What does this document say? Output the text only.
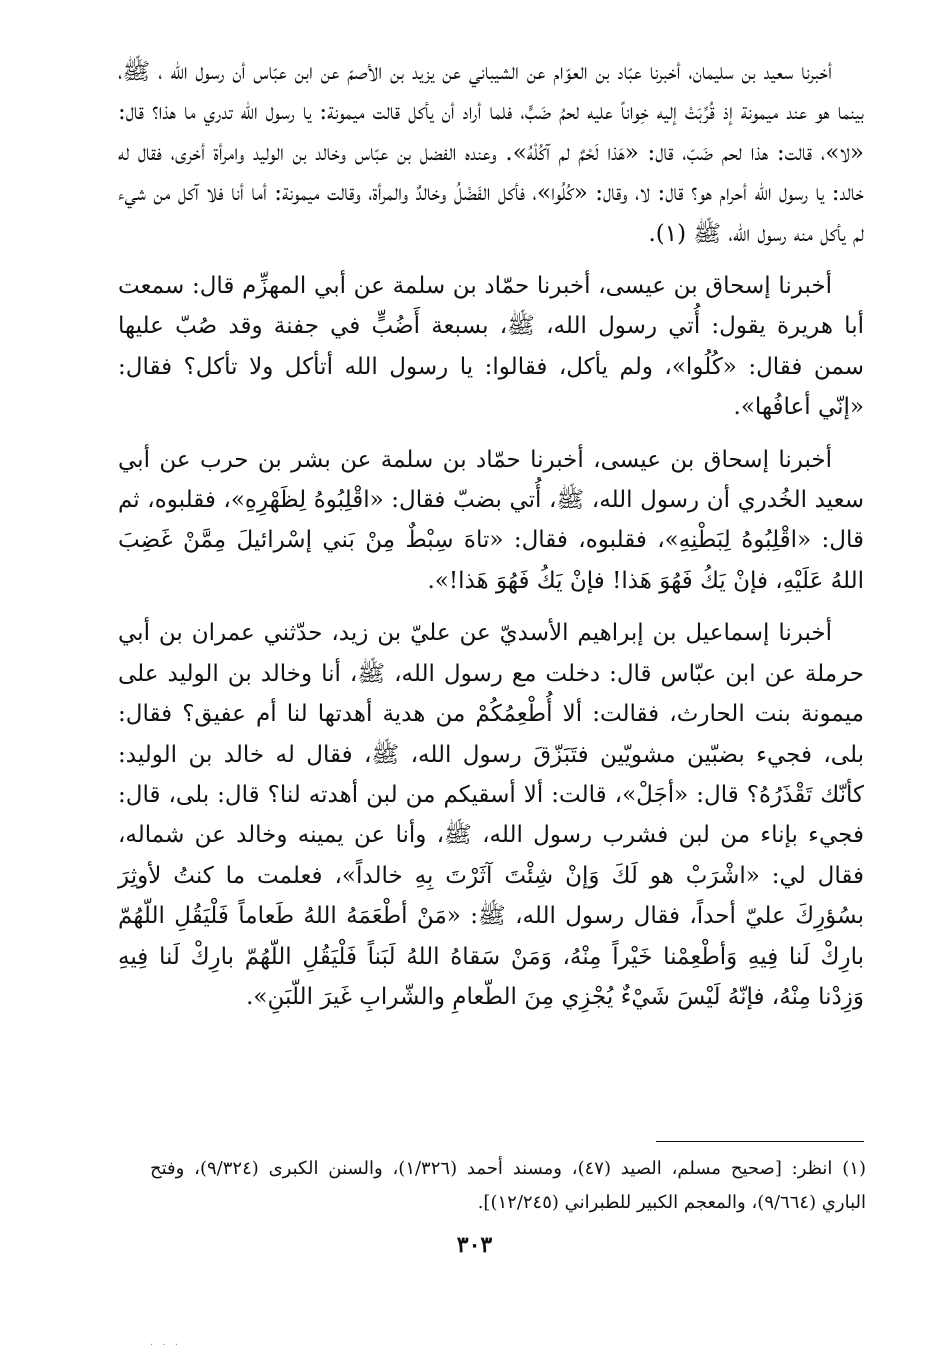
أخبرنا سعيد بن سليمان، أخبرنا عبّاد بن العوّام عن الشيباني عن يزيد بن الأصمّ عن ابن عبّاس أن رسول الله ، ﷺ، بينما هو عند ميمونة إذ قُرِّبَتْ إليه خِواناً عليه لحمُ ضَبٍّ، فلما أراد أن يأكل قالت ميمونة: يا رسول الله تدري ما هذا؟ قال: «لا»، قالت: هذا لحم ضَبّ، قال: «هَذا لَحْمٌ لم آكُلْهُ». وعنده الفضل بن عبّاس وخالد بن الوليد وامرأة أخرى، فقال له خالد: يا رسول الله أحرام هو؟ قال: لا، وقال: «كُلُوا»، فأكل الفَضْلُ وخالدٌ والمرأة، وقالت ميمونة: أما أنا فلا آكل من شيء لم يأكل منه رسول الله، ﷺ (١).

أخبرنا إسحاق بن عيسى، أخبرنا حمّاد بن سلمة عن أبي المهزِّم قال: سمعت أبا هريرة يقول: أُتي رسول الله، ﷺ، بسبعة أَضُبٍّ في جفنة وقد صُبّ عليها سمن فقال: «كُلُوا»، ولم يأكل، فقالوا: يا رسول الله أتأكل ولا تأكل؟ فقال: «إنّي أعافُها».

أخبرنا إسحاق بن عيسى، أخبرنا حمّاد بن سلمة عن بشر بن حرب عن أبي سعيد الخُدري أن رسول الله، ﷺ، أُتي بضبّ فقال: «اقْلِبُوهُ لِظَهْرِهِ»، فقلبوه، ثم قال: «اقْلِبُوهُ لِبَطْنِهِ»، فقلبوه، فقال: «تاهَ سِبْطٌ مِنْ بَني إسْرائيلَ مِمَّنْ غَضِبَ اللهُ عَلَيْهِ، فإنْ يَكُ فَهُوَ هَذا! فإنْ يَكُ فَهُوَ هَذا!».

أخبرنا إسماعيل بن إبراهيم الأسديّ عن عليّ بن زيد، حدّثني عمران بن أبي حرملة عن ابن عبّاس قال: دخلت مع رسول الله، ﷺ، أنا وخالد بن الوليد على ميمونة بنت الحارث، فقالت: ألا أُطْعِمُكُمْ من هدية أهدتها لنا أم عفيق؟ فقال: بلى، فجيء بضبّين مشويّين فتَبَزّقَ رسول الله، ﷺ، فقال له خالد بن الوليد: كأنّك تَقْذَرُهُ؟ قال: «أجَلْ»، قالت: ألا أسقيكم من لبن أهدته لنا؟ قال: بلى، قال: فجيء بإناء من لبن فشرب رسول الله، ﷺ، وأنا عن يمينه وخالد عن شماله، فقال لي: «اشْرَبْ هو لَكَ وَإنْ شِئْتَ آثَرْتَ بِهِ خالداً»، فعلمت ما كنتُ لأوثِرَ بسُؤرِكَ عليّ أحداً، فقال رسول الله، ﷺ: «مَنْ أطْعَمَهُ اللهُ طَعاماً فَلْيَقُلِ اللّهُمّ بارِكْ لَنا فِيهِ وَأطْعِمْنا خَيْراً مِنْهُ، وَمَنْ سَقاهُ اللهُ لَبَناً فَلْيَقُلِ اللّهُمّ بارِكْ لَنا فِيهِ وَزِدْنا مِنْهُ، فإنّهُ لَيْسَ شَيْءٌ يُجْزِي مِنَ الطّعامِ والشّرابِ غَيرَ اللّبَنِ».

(١) انظر: [صحيح مسلم، الصيد (٤٧)، ومسند أحمد (١/٣٢٦)، والسنن الكبرى (٩/٣٢٤)، وفتح الباري (٩/٦٦٤)، والمعجم الكبير للطبراني (١٢/٢٤٥)].

٣٠٣
· · ·
